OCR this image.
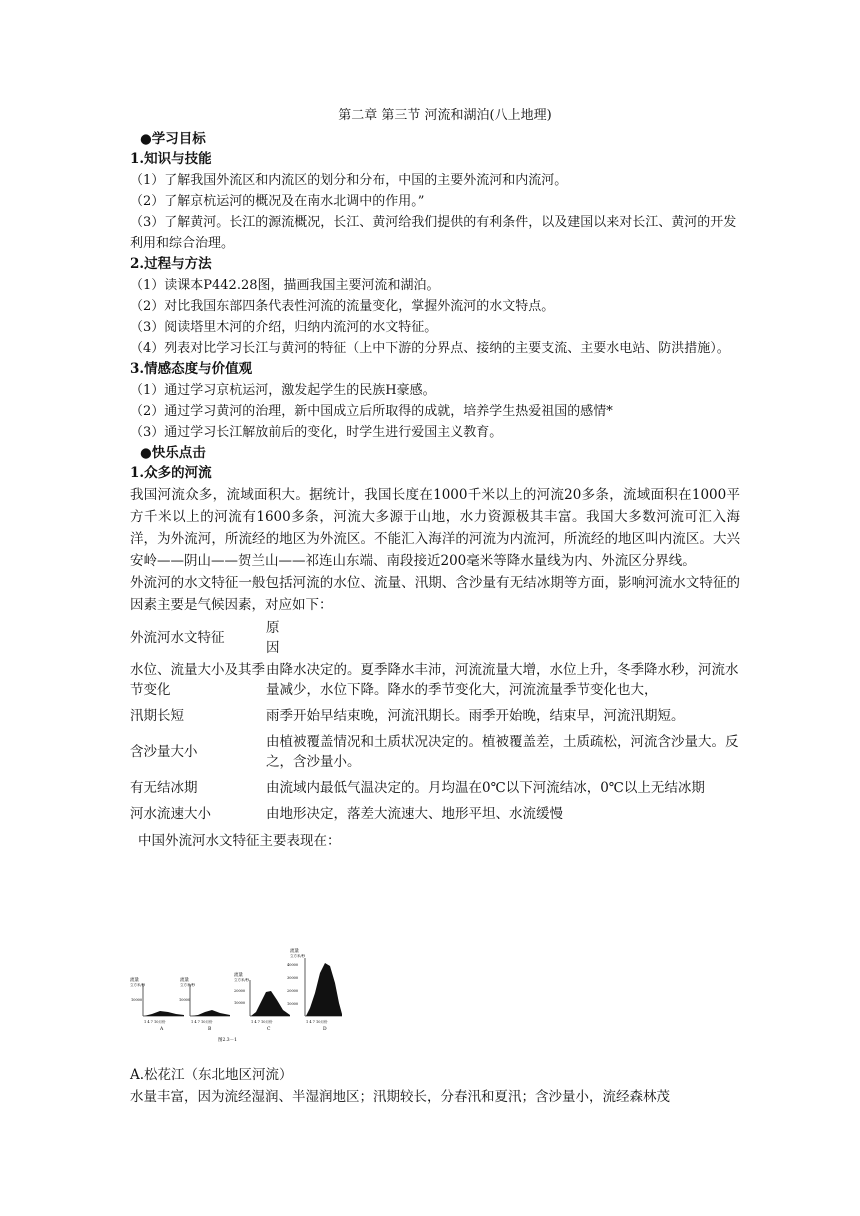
第二章 第三节 河流和湖泊(八上地理)

●学习目标

1.知识与技能

（1）了解我国外流区和内流区的划分和分布，中国的主要外流河和内流河。

（2）了解京杭运河的概况及在南水北调中的作用。”

（3）了解黄河。长江的源流概况，长江、黄河给我们提供的有利条件，以及建国以来对长江、黄河的开发利用和综合治理。

2.过程与方法

（1）读课本P442.28图，描画我国主要河流和湖泊。

（2）对比我国东部四条代表性河流的流量变化，掌握外流河的水文特点。

（3）阅读塔里木河的介绍，归纳内流河的水文特征。

（4）列表对比学习长江与黄河的特征（上中下游的分界点、接纳的主要支流、主要水电站、防洪措施）。

3.情感态度与价值观

（1）通过学习京杭运河，激发起学生的民族H豪感。

（2）通过学习黄河的治理，新中国成立后所取得的成就，培养学生热爱祖国的感情*

（3）通过学习长江解放前后的变化，时学生进行爱国主义教育。

●快乐点击

1.众多的河流

我国河流众多，流域面积大。据统计，我国长度在1000千米以上的河流20多条，流域面积在1000平方千米以上的河流有1600多条，河流大多源于山地，水力资源极其丰富。我国大多数河流可汇入海洋，为外流河，所流经的地区为外流区。不能汇入海洋的河流为内流河，所流经的地区叫内流区。大兴安岭——阴山——贺兰山——祁连山东端、南段接近200毫米等降水量线为内、外流区分界线。

外流河的水文特征一般包括河流的水位、流量、汛期、含沙量有无结冰期等方面，影响河流水文特征的因素主要是气候因素，对应如下：

外流河水文特征	原
因

水位、流量大小及其季节变化	由降水决定的。夏季降水丰沛，河流流量大增，水位上升，冬季降水秒，河流水量减少，水位下降。降水的季节变化大，河流流量季节变化也大，
汛期长短	雨季开始早结束晚，河流汛期长。雨季开始晚，结束早，河流汛期短。
含沙量大小	由植被覆盖情况和土质状况决定的。植被覆盖差，土质疏松，河流含沙量大。反之，含沙量小。
有无结冰期	由流域内最低气温决定的。月均温在0℃以下河流结冰，0℃以上无结冰期
河水流速大小	由地形决定，落差大流速大、地形平坦、水流缓慢

中国外流河水文特征主要表现在：

流量
立方米/秒
10000
1 4 7 10月份
A
流量
立方米/秒
10000
1 4 7 10月份
B
流量
立方米/秒
20000
10000
1 4 7 10月份
C
流量
立方米/秒
40000
30000
20000
10000
1 4 7 10月份
D
图2.3－1
A.松花江（东北地区河流）
水量丰富，因为流经湿润、半湿润地区；汛期较长，分春汛和夏汛；含沙量小，流经森林茂
